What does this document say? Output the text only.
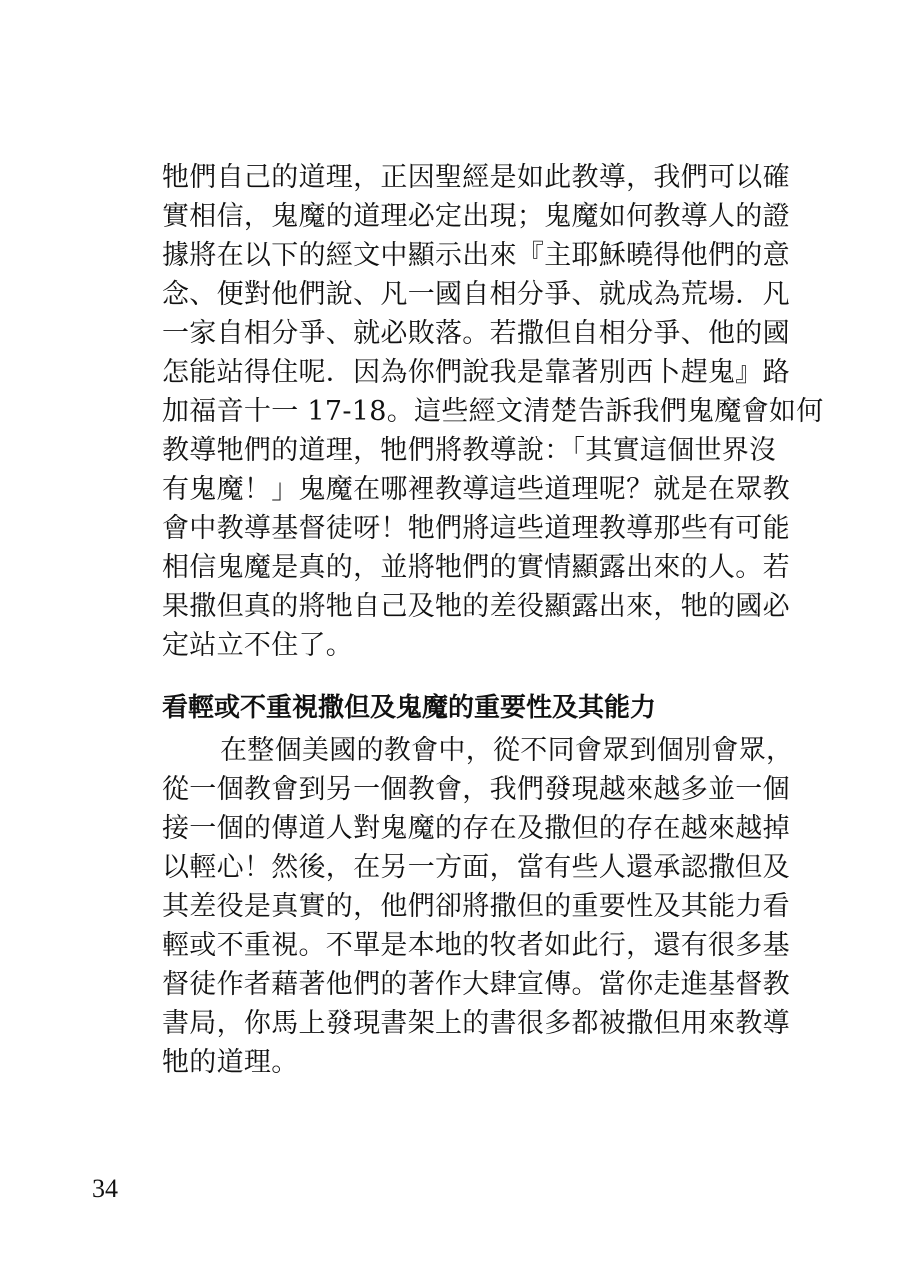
牠們自己的道理，正因聖經是如此教導，我們可以確
實相信，鬼魔的道理必定出現；鬼魔如何教導人的證
據將在以下的經文中顯示出來『主耶穌曉得他們的意
念、便對他們說、凡一國自相分爭、就成為荒場．凡
一家自相分爭、就必敗落。若撒但自相分爭、他的國
怎能站得住呢．因為你們說我是靠著別西卜趕鬼』路
加福音十一 17-18。這些經文清楚告訴我們鬼魔會如何
教導牠們的道理，牠們將教導說：「其實這個世界沒
有鬼魔！」鬼魔在哪裡教導這些道理呢？就是在眾教
會中教導基督徒呀！牠們將這些道理教導那些有可能
相信鬼魔是真的，並將牠們的實情顯露出來的人。若
果撒但真的將牠自己及牠的差役顯露出來，牠的國必
定站立不住了。
看輕或不重視撒但及鬼魔的重要性及其能力
在整個美國的教會中，從不同會眾到個別會眾，
從一個教會到另一個教會，我們發現越來越多並一個
接一個的傳道人對鬼魔的存在及撒但的存在越來越掉
以輕心！然後，在另一方面，當有些人還承認撒但及
其差役是真實的，他們卻將撒但的重要性及其能力看
輕或不重視。不單是本地的牧者如此行，還有很多基
督徒作者藉著他們的著作大肆宣傳。當你走進基督教
書局，你馬上發現書架上的書很多都被撒但用來教導
牠的道理。
34
